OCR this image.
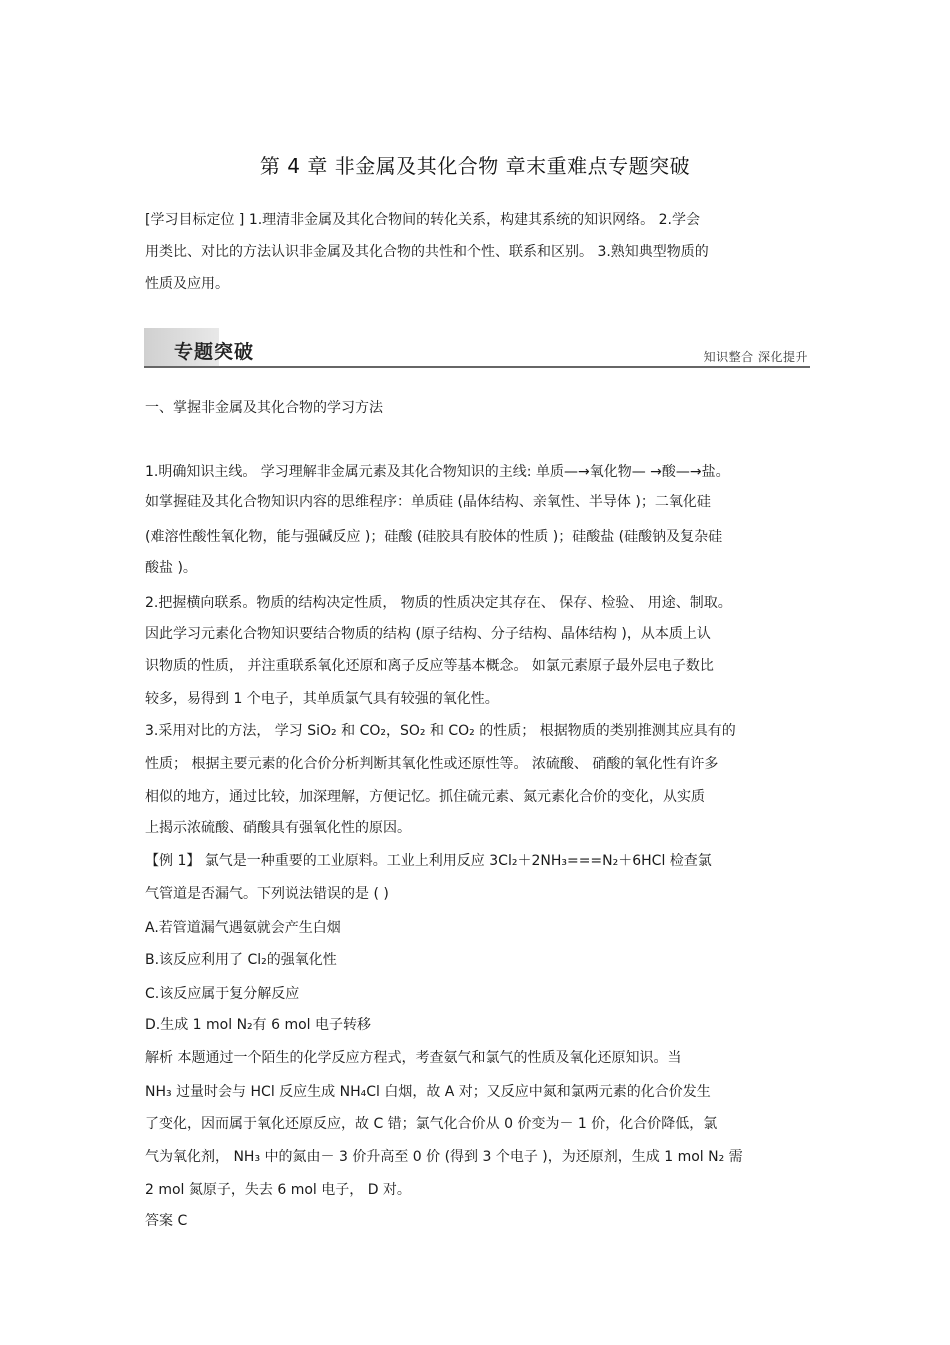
第 4 章 非金属及其化合物 章末重难点专题突破
[学习目标定位 ] 1.理清非金属及其化合物间的转化关系，构建其系统的知识网络。 2.学会
用类比、对比的方法认识非金属及其化合物的共性和个性、联系和区别。 3.熟知典型物质的
性质及应用。
专题突破	知识整合 深化提升
一、掌握非金属及其化合物的学习方法
1.明确知识主线。 学习理解非金属元素及其化合物知识的主线: 单质—→氧化物— →酸—→盐。
如掌握硅及其化合物知识内容的思维程序：单质硅 (晶体结构、亲氧性、半导体 )；二氧化硅
(难溶性酸性氧化物，能与强碱反应 )；硅酸 (硅胶具有胶体的性质 )；硅酸盐 (硅酸钠及复杂硅
酸盐 )。
2.把握横向联系。物质的结构决定性质， 物质的性质决定其存在、 保存、检验、 用途、制取。
因此学习元素化合物知识要结合物质的结构 (原子结构、分子结构、晶体结构 )，从本质上认
识物质的性质， 并注重联系氧化还原和离子反应等基本概念。 如氯元素原子最外层电子数比
较多，易得到 1 个电子，其单质氯气具有较强的氧化性。
3.采用对比的方法， 学习 SiO₂ 和 CO₂，SO₂ 和 CO₂ 的性质； 根据物质的类别推测其应具有的
性质； 根据主要元素的化合价分析判断其氧化性或还原性等。 浓硫酸、 硝酸的氧化性有许多
相似的地方，通过比较，加深理解，方便记忆。抓住硫元素、氮元素化合价的变化，从实质
上揭示浓硫酸、硝酸具有强氧化性的原因。
【例 1】 氯气是一种重要的工业原料。工业上利用反应 3Cl₂＋2NH₃===N₂＋6HCl 检查氯
气管道是否漏气。下列说法错误的是 ( )
A.若管道漏气遇氨就会产生白烟
B.该反应利用了 Cl₂的强氧化性
C.该反应属于复分解反应
D.生成 1 mol N₂有 6 mol 电子转移
解析 本题通过一个陌生的化学反应方程式，考查氨气和氯气的性质及氧化还原知识。当
NH₃ 过量时会与 HCl 反应生成 NH₄Cl 白烟，故 A 对；又反应中氮和氯两元素的化合价发生
了变化，因而属于氧化还原反应，故 C 错；氯气化合价从 0 价变为－ 1 价，化合价降低，氯
气为氧化剂， NH₃ 中的氮由－ 3 价升高至 0 价 (得到 3 个电子 )，为还原剂，生成 1 mol N₂ 需
2 mol 氮原子，失去 6 mol 电子， D 对。
答案 C
